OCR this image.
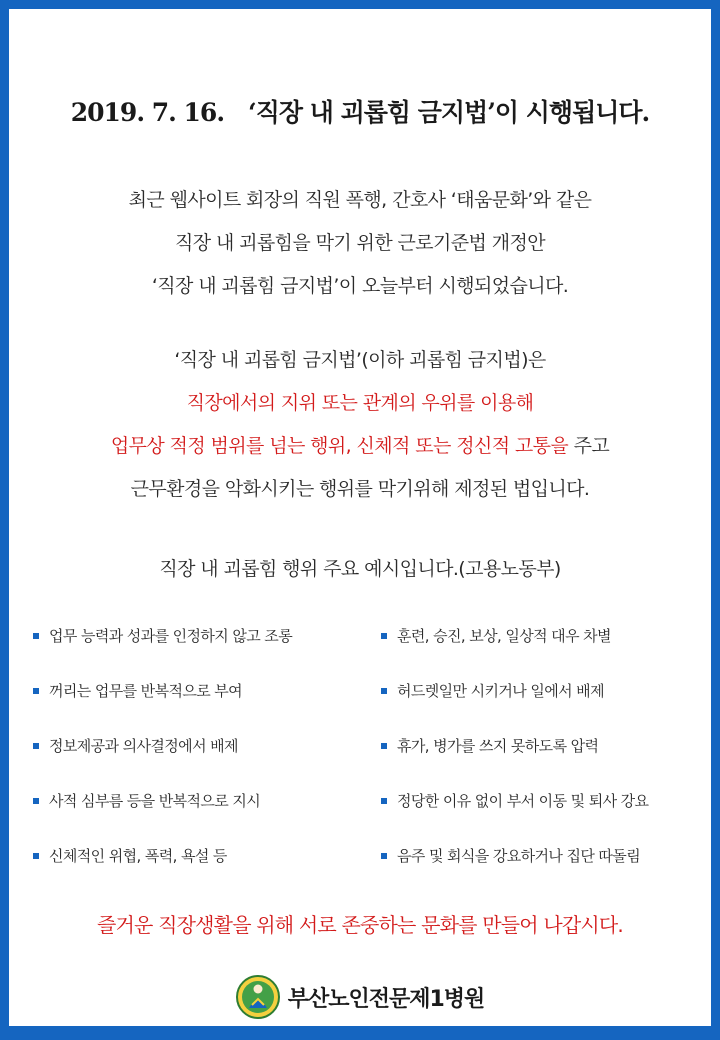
2019. 7. 16. ‘직장 내 괴롭힘 금지법’이 시행됩니다.
최근 웹사이트 회장의 직원 폭행, 간호사 ‘태움문화’와 같은
직장 내 괴롭힘을 막기 위한 근로기준법 개정안
‘직장 내 괴롭힘 금지법’이 오늘부터 시행되었습니다.
‘직장 내 괴롭힘 금지법’(이하 괴롭힘 금지법)은
직장에서의 지위 또는 관계의 우위를 이용해
업무상 적정 범위를 넘는 행위, 신체적 또는 정신적 고통을 주고
근무환경을 악화시키는 행위를 막기위해 제정된 법입니다.
직장 내 괴롭힘 행위 주요 예시입니다.(고용노동부)
업무 능력과 성과를 인정하지 않고 조롱
꺼리는 업무를 반복적으로 부여
정보제공과 의사결정에서 배제
사적 심부름 등을 반복적으로 지시
신체적인 위협, 폭력, 욕설 등
훈련, 승진, 보상, 일상적 대우 차별
허드렛일만 시키거나 일에서 배제
휴가, 병가를 쓰지 못하도록 압력
정당한 이유 없이 부서 이동 및 퇴사 강요
음주 및 회식을 강요하거나 집단 따돌림
즐거운 직장생활을 위해 서로 존중하는 문화를 만들어 나갑시다.
부산노인전문제1병원
